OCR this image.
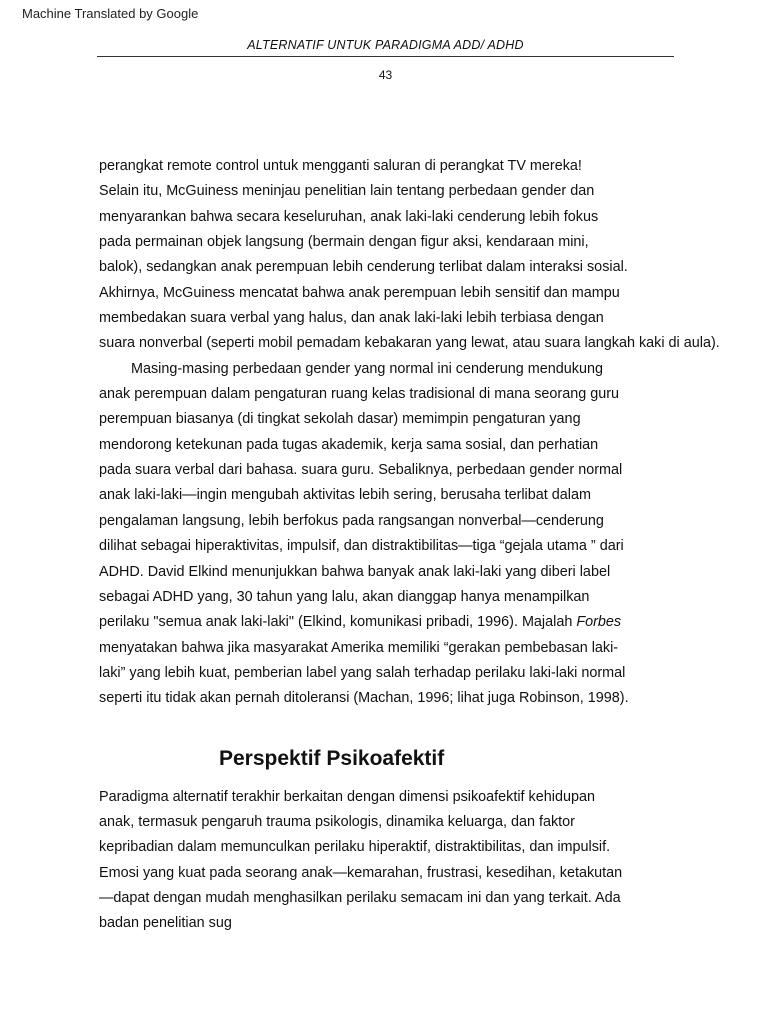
Machine Translated by Google
ALTERNATIF UNTUK PARADIGMA ADD/ ADHD
43
perangkat remote control untuk mengganti saluran di perangkat TV mereka!
Selain itu, McGuiness meninjau penelitian lain tentang perbedaan gender dan
menyarankan bahwa secara keseluruhan, anak laki-laki cenderung lebih fokus
pada permainan objek langsung (bermain dengan figur aksi, kendaraan mini,
balok), sedangkan anak perempuan lebih cenderung terlibat dalam interaksi sosial.
Akhirnya, McGuiness mencatat bahwa anak perempuan lebih sensitif dan mampu
membedakan suara verbal yang halus, dan anak laki-laki lebih terbiasa dengan
suara nonverbal (seperti mobil pemadam kebakaran yang lewat, atau suara langkah kaki di aula).
Masing-masing perbedaan gender yang normal ini cenderung mendukung
anak perempuan dalam pengaturan ruang kelas tradisional di mana seorang guru
perempuan biasanya (di tingkat sekolah dasar) memimpin pengaturan yang
mendorong ketekunan pada tugas akademik, kerja sama sosial, dan perhatian
pada suara verbal dari bahasa. suara guru. Sebaliknya, perbedaan gender normal
anak laki-laki—ingin mengubah aktivitas lebih sering, berusaha terlibat dalam
pengalaman langsung, lebih berfokus pada rangsangan nonverbal—cenderung
dilihat sebagai hiperaktivitas, impulsif, dan distraktibilitas—tiga “gejala utama ” dari
ADHD. David Elkind menunjukkan bahwa banyak anak laki-laki yang diberi label
sebagai ADHD yang, 30 tahun yang lalu, akan dianggap hanya menampilkan
perilaku "semua anak laki-laki" (Elkind, komunikasi pribadi, 1996). Majalah Forbes
menyatakan bahwa jika masyarakat Amerika memiliki “gerakan pembebasan laki-
laki” yang lebih kuat, pemberian label yang salah terhadap perilaku laki-laki normal
seperti itu tidak akan pernah ditoleransi (Machan, 1996; lihat juga Robinson, 1998).
Perspektif Psikoafektif
Paradigma alternatif terakhir berkaitan dengan dimensi psikoafektif kehidupan
anak, termasuk pengaruh trauma psikologis, dinamika keluarga, dan faktor
kepribadian dalam memunculkan perilaku hiperaktif, distraktibilitas, dan impulsif.
Emosi yang kuat pada seorang anak—kemarahan, frustrasi, kesedihan, ketakutan
—dapat dengan mudah menghasilkan perilaku semacam ini dan yang terkait. Ada
badan penelitian sug
